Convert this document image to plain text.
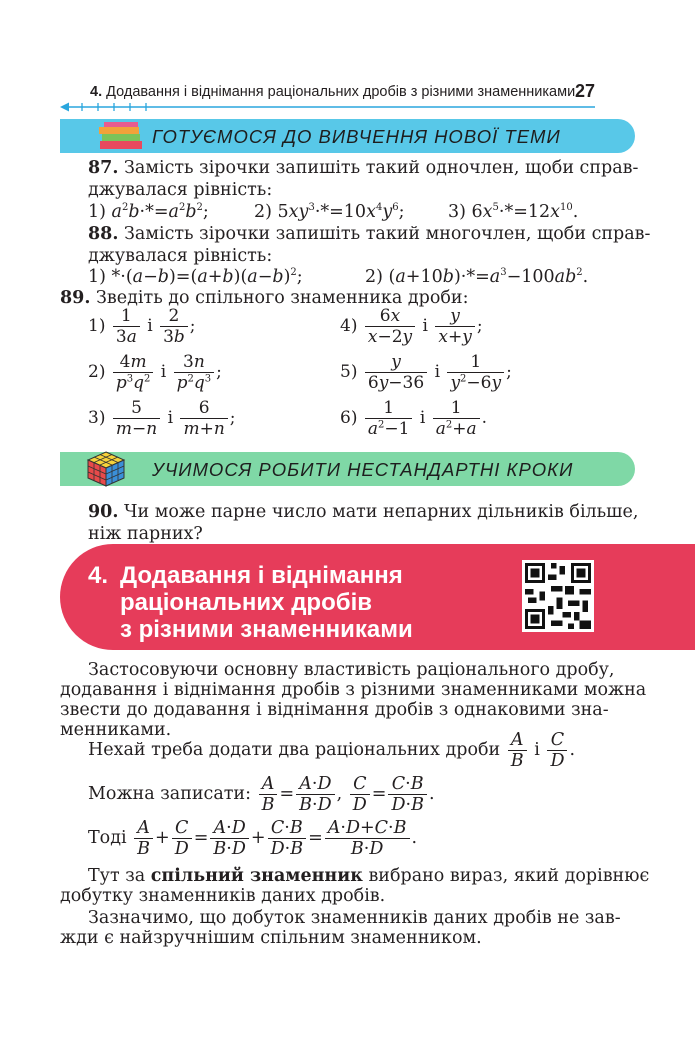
4. Додавання і віднімання раціональних дробів з різними знаменниками 27
ГОТУЄМОСЯ ДО ВИВЧЕННЯ НОВОЇ ТЕМИ
87. Замість зірочки запишіть такий одночлен, щоби справ-
джувалася рівність:
1) $a^2b\cdot*=a^2b^2$;	2) $5xy^3\cdot*=10x^4y^6$; 3) $6x^5\cdot*=12x^{10}$.
88. Замість зірочки запишіть такий многочлен, щоби справ-
джувалася рівність:
1) $*\cdot(a-b)=(a+b)(a-b)^2$;	2) $(a+10b)\cdot*=a^3-100ab^2$.
89. Зведіть до спільного знаменника дроби:
$1) \frac{1}{3a}$ і $\frac{2}{3b}$ ;	$4) \frac{6x}{x-2y}$ і $\frac{y}{x+y}$ ;
$2) \frac{4m}{p^3q^2}$ і $\frac{3n}{p^2q^3}$ ;	$5) \frac{y}{6y-36}$ і $\frac{1}{y^2-6y}$ ;
$3) \frac{5}{m-n}$ і $\frac{6}{m+n}$ ;	$6) \frac{1}{a^2-1}$ і $\frac{1}{a^2+a}$ .
УЧИМОСЯ РОБИТИ НЕСТАНДАРТНІ КРОКИ
90. Чи може парне число мати непарних дільників більше,
ніж парних?
4. Додавання і віднімання
раціональних дробів
з різними знаменниками
Застосовуючи основну властивість раціонального дробу,
додавання і віднімання дробів з різними знаменниками можна
звести до додавання і віднімання дробів з однаковими зна-
менниками.
Нехай треба додати два раціональних дроби $\frac{A}{B}$ і $\frac{C}{D}$ .
Можна записати: $\frac{A}{B} = \frac{A\cdot D}{B\cdot D}$ , $\frac{C}{D} = \frac{C\cdot B}{D\cdot B}$ .
Тоді $\frac{A}{B} + \frac{C}{D} = \frac{A\cdot D}{B\cdot D} + \frac{C\cdot B}{D\cdot B} = \frac{A\cdot D+C\cdot B}{B\cdot D}$ .
Тут за спільний знаменник вибрано вираз, який дорівнює
добутку знаменників даних дробів.
Зазначимо, що добуток знаменників даних дробів не зав-
жди є найзручнішим спільним знаменником.
